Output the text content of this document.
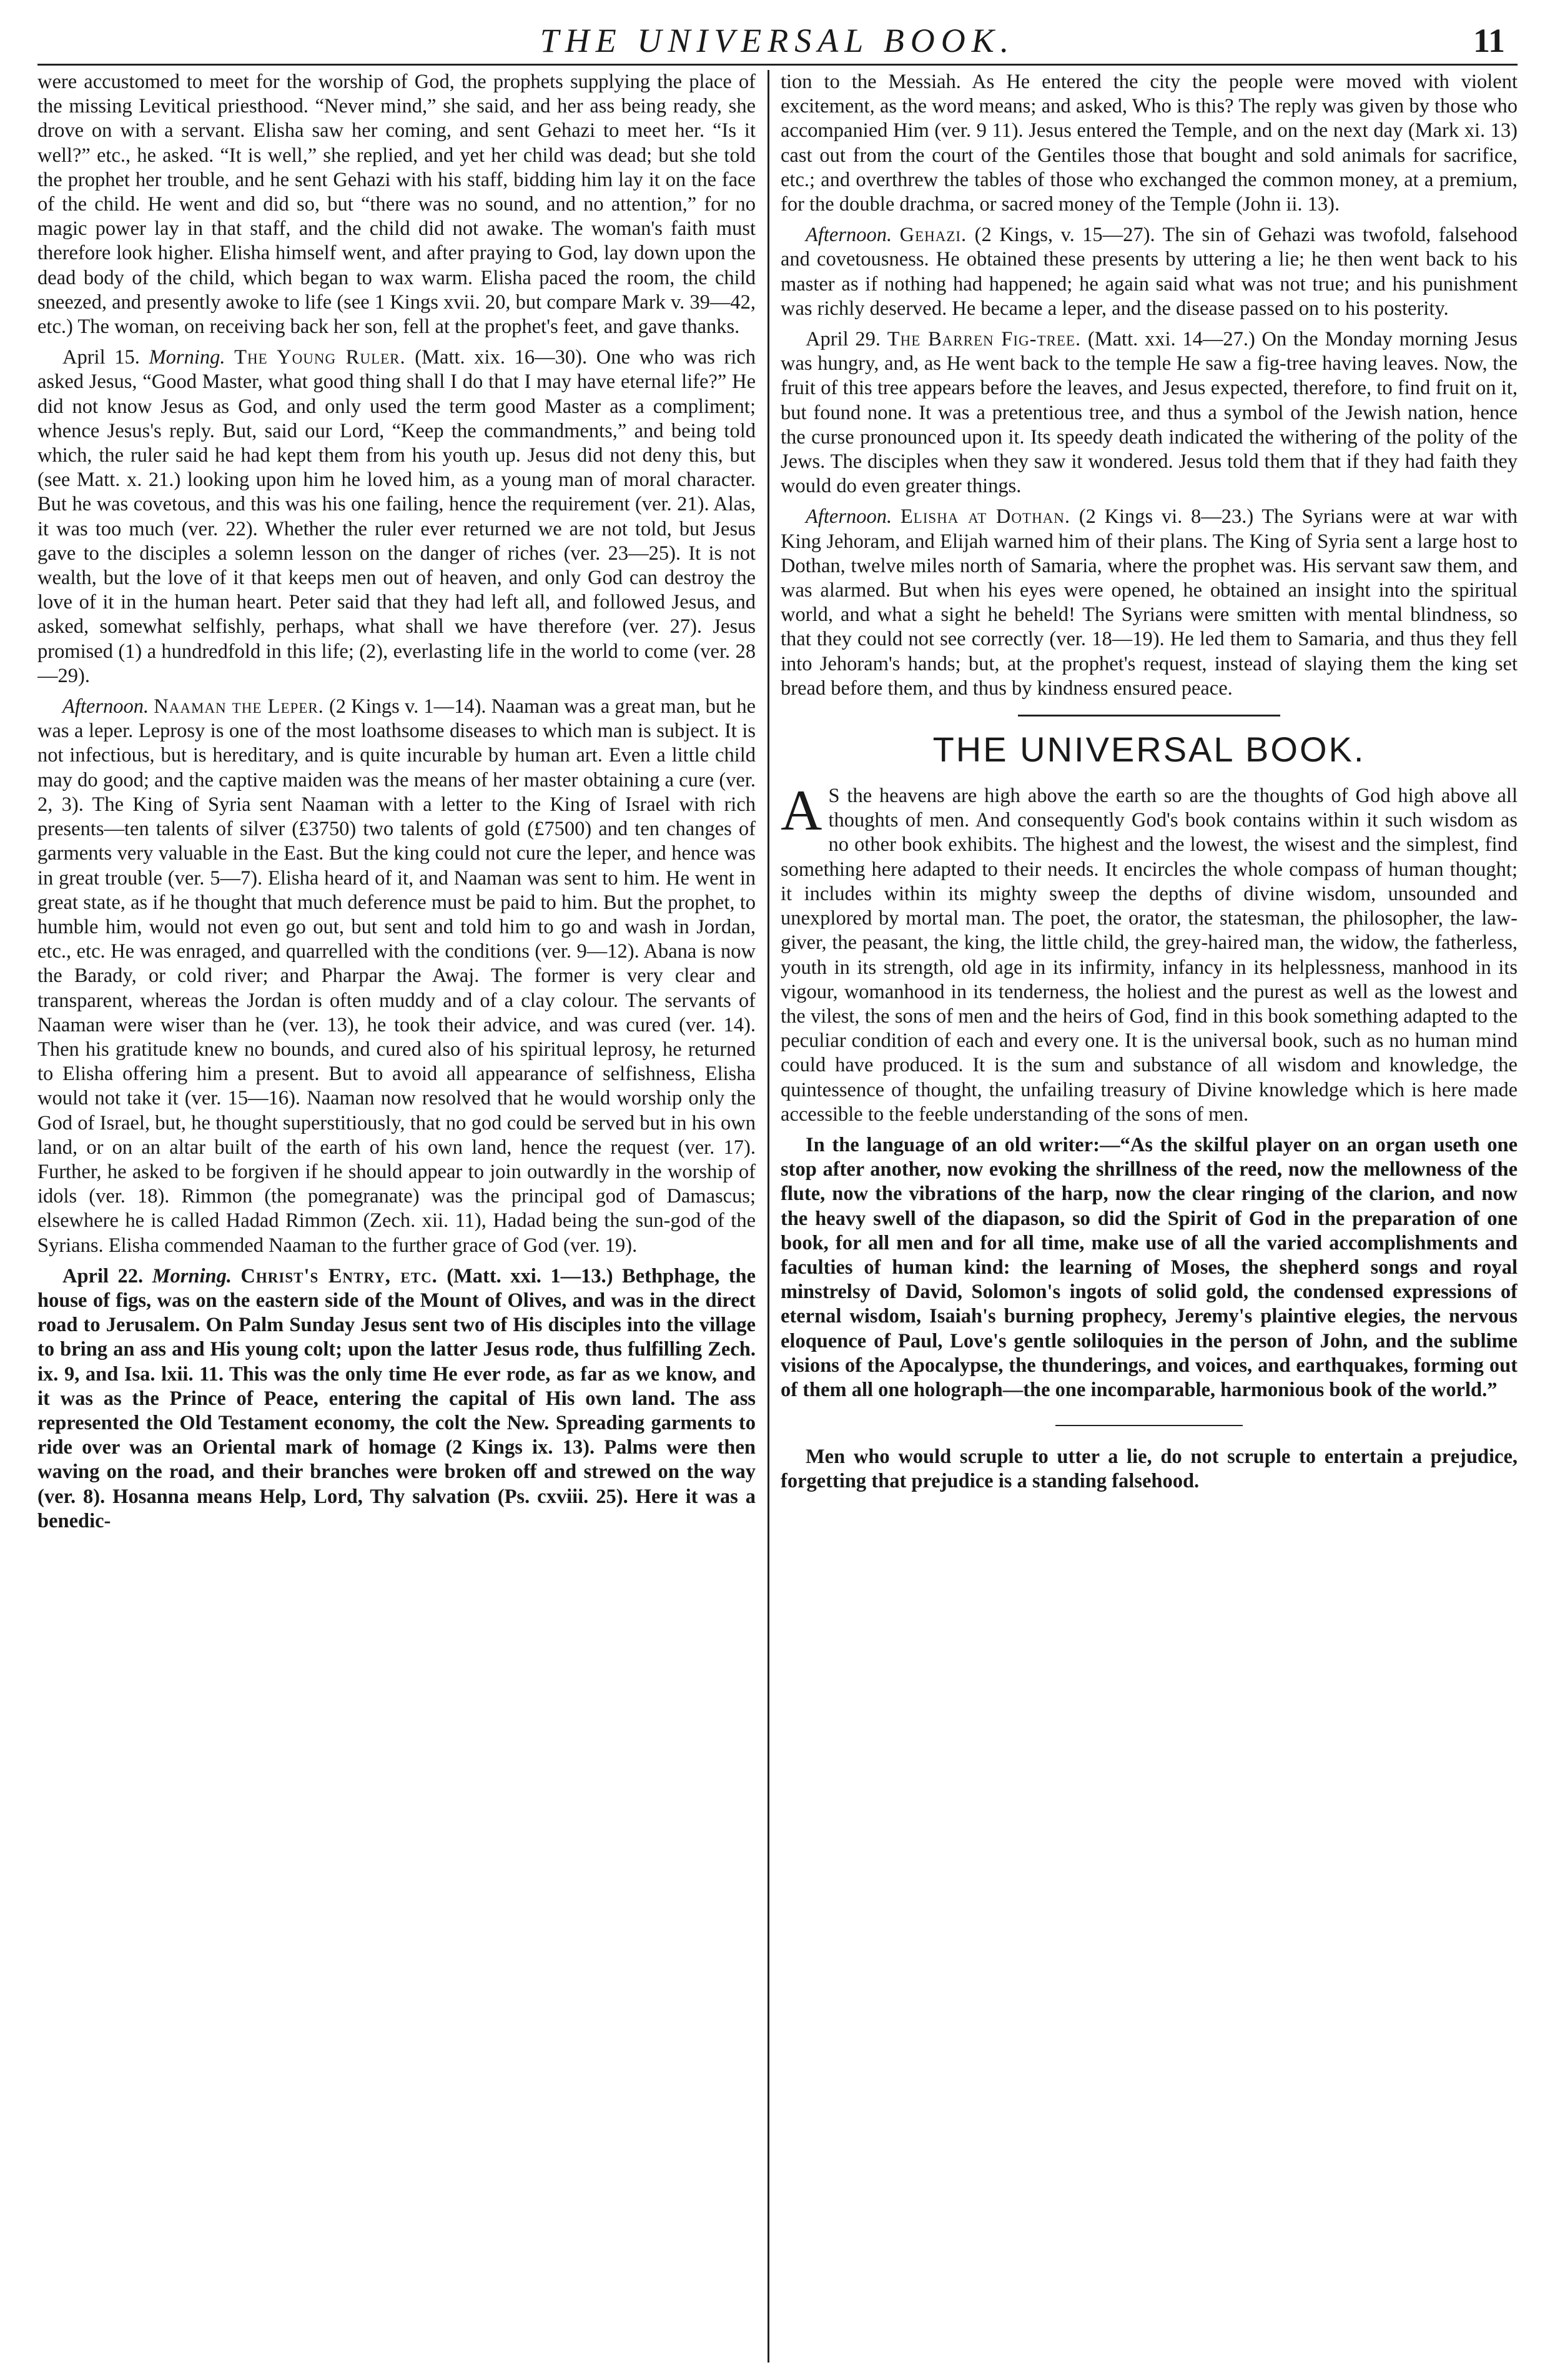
THE UNIVERSAL BOOK.	11

were accustomed to meet for the worship of God, the prophets supplying the place of the missing Levitical priesthood. “Never mind,” she said, and her ass being ready, she drove on with a servant. Elisha saw her coming, and sent Gehazi to meet her. “Is it well?” etc., he asked. “It is well,” she replied, and yet her child was dead; but she told the prophet her trouble, and he sent Gehazi with his staff, bidding him lay it on the face of the child. He went and did so, but “there was no sound, and no attention,” for no magic power lay in that staff, and the child did not awake. The woman's faith must therefore look higher. Elisha himself went, and after praying to God, lay down upon the dead body of the child, which began to wax warm. Elisha paced the room, the child sneezed, and presently awoke to life (see 1 Kings xvii. 20, but compare Mark v. 39—42, etc.) The woman, on receiving back her son, fell at the prophet's feet, and gave thanks.

April 15. Morning. The Young Ruler. (Matt. xix. 16—30). One who was rich asked Jesus, “Good Master, what good thing shall I do that I may have eternal life?” He did not know Jesus as God, and only used the term good Master as a compliment; whence Jesus's reply. But, said our Lord, “Keep the commandments,” and being told which, the ruler said he had kept them from his youth up. Jesus did not deny this, but (see Matt. x. 21.) looking upon him he loved him, as a young man of moral character. But he was covetous, and this was his one failing, hence the requirement (ver. 21). Alas, it was too much (ver. 22). Whether the ruler ever returned we are not told, but Jesus gave to the disciples a solemn lesson on the danger of riches (ver. 23—25). It is not wealth, but the love of it that keeps men out of heaven, and only God can destroy the love of it in the human heart. Peter said that they had left all, and followed Jesus, and asked, somewhat selfishly, perhaps, what shall we have therefore (ver. 27). Jesus promised (1) a hundredfold in this life; (2), everlasting life in the world to come (ver. 28—29).

Afternoon. Naaman the Leper. (2 Kings v. 1—14). Naaman was a great man, but he was a leper. Leprosy is one of the most loathsome diseases to which man is subject. It is not infectious, but is hereditary, and is quite incurable by human art. Even a little child may do good; and the captive maiden was the means of her master obtaining a cure (ver. 2, 3). The King of Syria sent Naaman with a letter to the King of Israel with rich presents—ten talents of silver (£3750) two talents of gold (£7500) and ten changes of garments very valuable in the East. But the king could not cure the leper, and hence was in great trouble (ver. 5—7). Elisha heard of it, and Naaman was sent to him. He went in great state, as if he thought that much deference must be paid to him. But the prophet, to humble him, would not even go out, but sent and told him to go and wash in Jordan, etc., etc. He was enraged, and quarrelled with the conditions (ver. 9—12). Abana is now the Barady, or cold river; and Pharpar the Awaj. The former is very clear and transparent, whereas the Jordan is often muddy and of a clay colour. The servants of Naaman were wiser than he (ver. 13), he took their advice, and was cured (ver. 14). Then his gratitude knew no bounds, and cured also of his spiritual leprosy, he returned to Elisha offering him a present. But to avoid all appearance of selfishness, Elisha would not take it (ver. 15—16). Naaman now resolved that he would worship only the God of Israel, but, he thought superstitiously, that no god could be served but in his own land, or on an altar built of the earth of his own land, hence the request (ver. 17). Further, he asked to be forgiven if he should appear to join outwardly in the worship of idols (ver. 18). Rimmon (the pomegranate) was the principal god of Damascus; elsewhere he is called Hadad Rimmon (Zech. xii. 11), Hadad being the sun-god of the Syrians. Elisha commended Naaman to the further grace of God (ver. 19).

April 22. Morning. Christ's Entry, etc. (Matt. xxi. 1—13.) Bethphage, the house of figs, was on the eastern side of the Mount of Olives, and was in the direct road to Jerusalem. On Palm Sunday Jesus sent two of His disciples into the village to bring an ass and His young colt; upon the latter Jesus rode, thus fulfilling Zech. ix. 9, and Isa. lxii. 11. This was the only time He ever rode, as far as we know, and it was as the Prince of Peace, entering the capital of His own land. The ass represented the Old Testament economy, the colt the New. Spreading garments to ride over was an Oriental mark of homage (2 Kings ix. 13). Palms were then waving on the road, and their branches were broken off and strewed on the way (ver. 8). Hosanna means Help, Lord, Thy salvation (Ps. cxviii. 25). Here it was a benedic-

tion to the Messiah. As He entered the city the people were moved with violent excitement, as the word means; and asked, Who is this? The reply was given by those who accompanied Him (ver. 9 11). Jesus entered the Temple, and on the next day (Mark xi. 13) cast out from the court of the Gentiles those that bought and sold animals for sacrifice, etc.; and overthrew the tables of those who exchanged the common money, at a premium, for the double drachma, or sacred money of the Temple (John ii. 13).

Afternoon. Gehazi. (2 Kings, v. 15—27). The sin of Gehazi was twofold, falsehood and covetousness. He obtained these presents by uttering a lie; he then went back to his master as if nothing had happened; he again said what was not true; and his punishment was richly deserved. He became a leper, and the disease passed on to his posterity.

April 29. The Barren Fig-tree. (Matt. xxi. 14—27.) On the Monday morning Jesus was hungry, and, as He went back to the temple He saw a fig-tree having leaves. Now, the fruit of this tree appears before the leaves, and Jesus expected, therefore, to find fruit on it, but found none. It was a pretentious tree, and thus a symbol of the Jewish nation, hence the curse pronounced upon it. Its speedy death indicated the withering of the polity of the Jews. The disciples when they saw it wondered. Jesus told them that if they had faith they would do even greater things.

Afternoon. Elisha at Dothan. (2 Kings vi. 8—23.) The Syrians were at war with King Jehoram, and Elijah warned him of their plans. The King of Syria sent a large host to Dothan, twelve miles north of Samaria, where the prophet was. His servant saw them, and was alarmed. But when his eyes were opened, he obtained an insight into the spiritual world, and what a sight he beheld! The Syrians were smitten with mental blindness, so that they could not see correctly (ver. 18—19). He led them to Samaria, and thus they fell into Jehoram's hands; but, at the prophet's request, instead of slaying them the king set bread before them, and thus by kindness ensured peace.

THE UNIVERSAL BOOK.

A S the heavens are high above the earth so are the thoughts of God high above all thoughts of men. And consequently God's book contains within it such wisdom as no other book exhibits. The highest and the lowest, the wisest and the simplest, find something here adapted to their needs. It encircles the whole compass of human thought; it includes within its mighty sweep the depths of divine wisdom, unsounded and unexplored by mortal man. The poet, the orator, the statesman, the philosopher, the law-giver, the peasant, the king, the little child, the grey-haired man, the widow, the fatherless, youth in its strength, old age in its infirmity, infancy in its helplessness, manhood in its vigour, womanhood in its tenderness, the holiest and the purest as well as the lowest and the vilest, the sons of men and the heirs of God, find in this book something adapted to the peculiar condition of each and every one. It is the universal book, such as no human mind could have produced. It is the sum and substance of all wisdom and knowledge, the quintessence of thought, the unfailing treasury of Divine knowledge which is here made accessible to the feeble understanding of the sons of men.

In the language of an old writer:—“As the skilful player on an organ useth one stop after another, now evoking the shrillness of the reed, now the mellowness of the flute, now the vibrations of the harp, now the clear ringing of the clarion, and now the heavy swell of the diapason, so did the Spirit of God in the preparation of one book, for all men and for all time, make use of all the varied accomplishments and faculties of human kind: the learning of Moses, the shepherd songs and royal minstrelsy of David, Solomon's ingots of solid gold, the condensed expressions of eternal wisdom, Isaiah's burning prophecy, Jeremy's plaintive elegies, the nervous eloquence of Paul, Love's gentle soliloquies in the person of John, and the sublime visions of the Apocalypse, the thunderings, and voices, and earthquakes, forming out of them all one holograph—the one incomparable, harmonious book of the world.”

Men who would scruple to utter a lie, do not scruple to entertain a prejudice, forgetting that prejudice is a standing falsehood.
